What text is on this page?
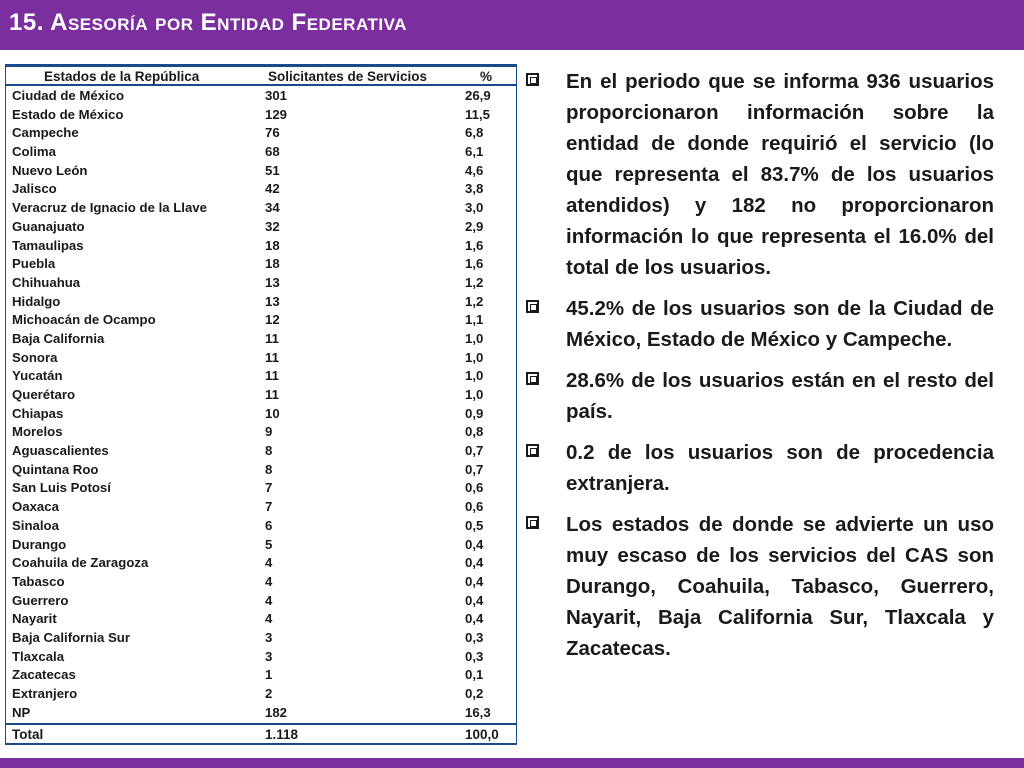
15. Asesoría por Entidad Federativa
Estados de la República	Solicitantes de Servicios	%
Ciudad de México	301	26,9
Estado de México	129	11,5
Campeche	76	6,8
Colima	68	6,1
Nuevo León	51	4,6
Jalisco	42	3,8
Veracruz de Ignacio de la Llave	34	3,0
Guanajuato	32	2,9
Tamaulipas	18	1,6
Puebla	18	1,6
Chihuahua	13	1,2
Hidalgo	13	1,2
Michoacán de Ocampo	12	1,1
Baja California	11	1,0
Sonora	11	1,0
Yucatán	11	1,0
Querétaro	11	1,0
Chiapas	10	0,9
Morelos	9	0,8
Aguascalientes	8	0,7
Quintana Roo	8	0,7
San Luis Potosí	7	0,6
Oaxaca	7	0,6
Sinaloa	6	0,5
Durango	5	0,4
Coahuila de Zaragoza	4	0,4
Tabasco	4	0,4
Guerrero	4	0,4
Nayarit	4	0,4
Baja California Sur	3	0,3
Tlaxcala	3	0,3
Zacatecas	1	0,1
Extranjero	2	0,2
NP	182	16,3
Total	1.118	100,0
En el periodo que se informa 936 usuarios proporcionaron información sobre la entidad de donde requirió el servicio (lo que representa el 83.7% de los usuarios atendidos) y 182 no proporcionaron información lo que representa el 16.0% del total de los usuarios.
45.2% de los usuarios son de la Ciudad de México, Estado de México y Campeche.
28.6% de los usuarios están en el resto del país.
0.2 de los usuarios son de procedencia extranjera.
Los estados de donde se advierte un uso muy escaso de los servicios del CAS son Durango, Coahuila, Tabasco, Guerrero, Nayarit, Baja California Sur, Tlaxcala y Zacatecas.
